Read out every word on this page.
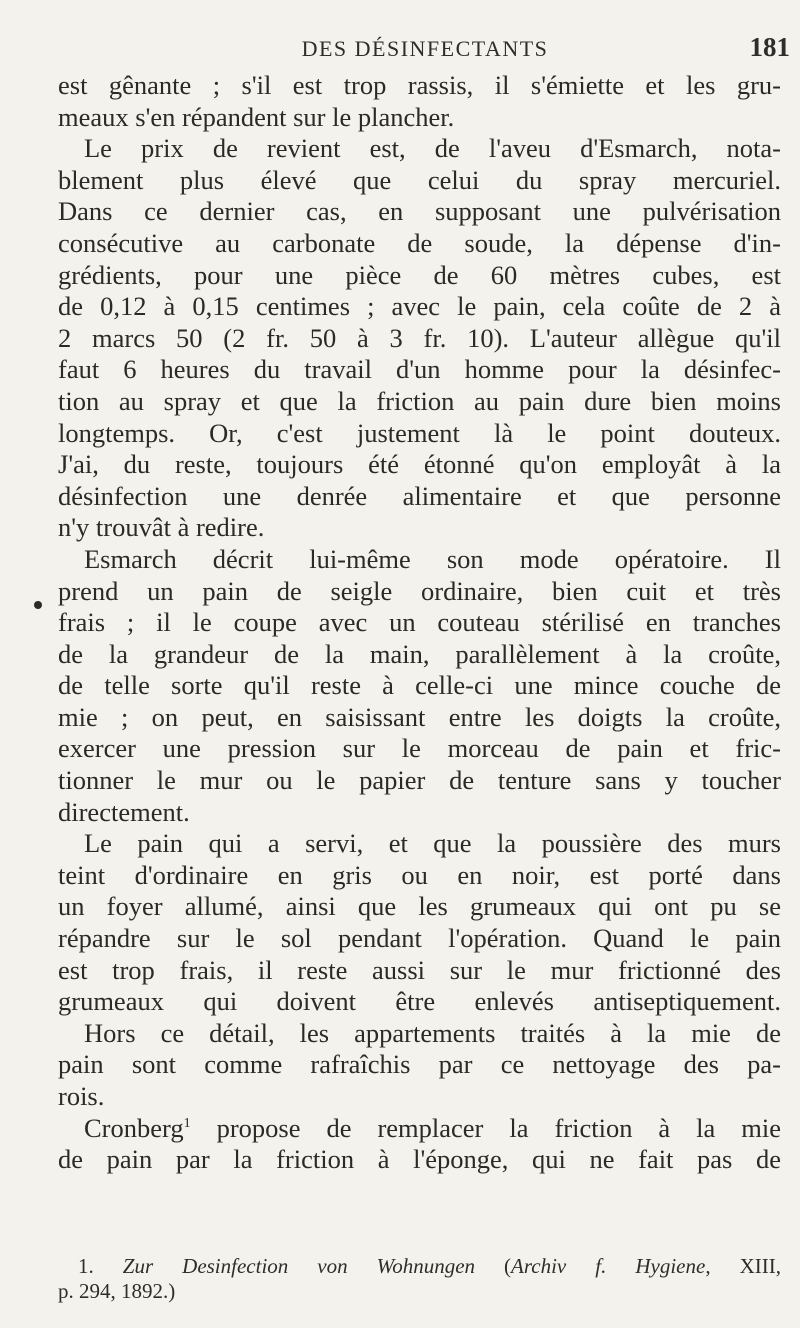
DES DÉSINFECTANTS	181
est gênante ; s'il est trop rassis, il s'émiette et les gru-
meaux s'en répandent sur le plancher.
Le prix de revient est, de l'aveu d'Esmarch, nota-
blement plus élevé que celui du spray mercuriel.
Dans ce dernier cas, en supposant une pulvérisation
consécutive au carbonate de soude, la dépense d'in-
grédients, pour une pièce de 60 mètres cubes, est
de 0,12 à 0,15 centimes ; avec le pain, cela coûte de 2 à
2 marcs 50 (2 fr. 50 à 3 fr. 10). L'auteur allègue qu'il
faut 6 heures du travail d'un homme pour la désinfec-
tion au spray et que la friction au pain dure bien moins
longtemps. Or, c'est justement là le point douteux.
J'ai, du reste, toujours été étonné qu'on employât à la
désinfection une denrée alimentaire et que personne
n'y trouvât à redire.
Esmarch décrit lui-même son mode opératoire. Il
prend un pain de seigle ordinaire, bien cuit et très
frais ; il le coupe avec un couteau stérilisé en tranches
de la grandeur de la main, parallèlement à la croûte,
de telle sorte qu'il reste à celle-ci une mince couche de
mie ; on peut, en saisissant entre les doigts la croûte,
exercer une pression sur le morceau de pain et fric-
tionner le mur ou le papier de tenture sans y toucher
directement.
Le pain qui a servi, et que la poussière des murs
teint d'ordinaire en gris ou en noir, est porté dans
un foyer allumé, ainsi que les grumeaux qui ont pu se
répandre sur le sol pendant l'opération. Quand le pain
est trop frais, il reste aussi sur le mur frictionné des
grumeaux qui doivent être enlevés antiseptiquement.
Hors ce détail, les appartements traités à la mie de
pain sont comme rafraîchis par ce nettoyage des pa-
rois.
Cronberg$^1$ propose de remplacer la friction à la mie
de pain par la friction à l'éponge, qui ne fait pas de
1. Zur Desinfection von Wohnungen (Archiv f. Hygiene, XIII,
p. 294, 1892.)
